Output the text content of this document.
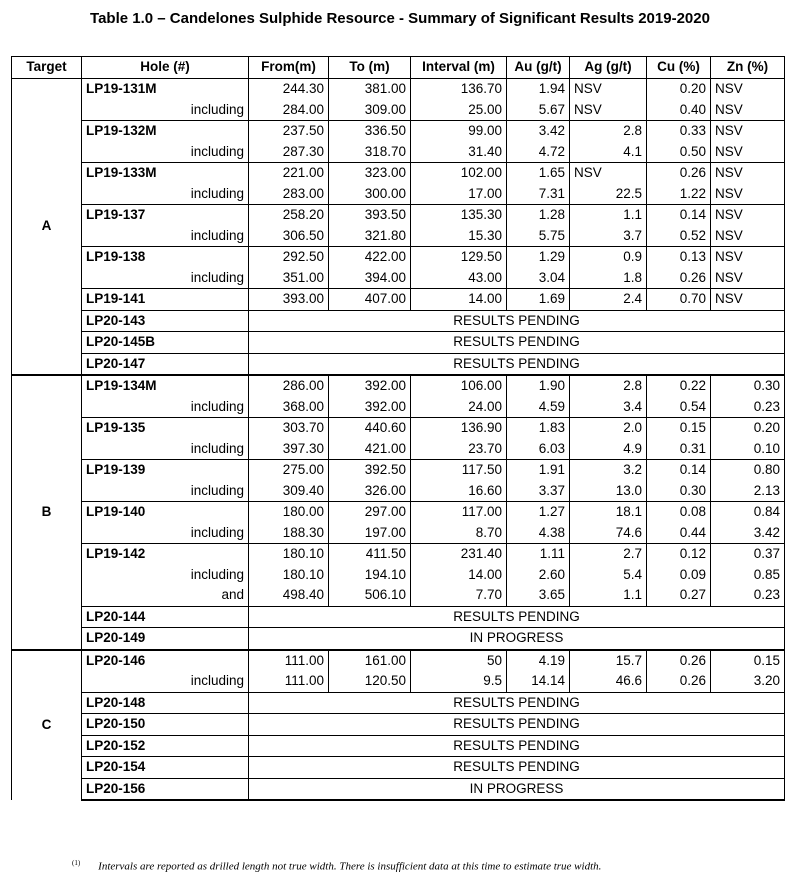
Table 1.0 – Candelones Sulphide Resource - Summary of Significant Results 2019-2020
Target	Hole (#)	From(m)	To (m)	Interval (m)	Au (g/t)	Ag (g/t)	Cu (%)	Zn (%)
A	LP19-131M	244.30	381.00	136.70	1.94	NSV	0.20	NSV
	including	284.00	309.00	25.00	5.67	NSV	0.40	NSV
	LP19-132M	237.50	336.50	99.00	3.42	2.8	0.33	NSV
	including	287.30	318.70	31.40	4.72	4.1	0.50	NSV
	LP19-133M	221.00	323.00	102.00	1.65	NSV	0.26	NSV
	including	283.00	300.00	17.00	7.31	22.5	1.22	NSV
	LP19-137	258.20	393.50	135.30	1.28	1.1	0.14	NSV
	including	306.50	321.80	15.30	5.75	3.7	0.52	NSV
	LP19-138	292.50	422.00	129.50	1.29	0.9	0.13	NSV
	including	351.00	394.00	43.00	3.04	1.8	0.26	NSV
	LP19-141	393.00	407.00	14.00	1.69	2.4	0.70	NSV
	LP20-143	RESULTS PENDING						
	LP20-145B	RESULTS PENDING						
	LP20-147	RESULTS PENDING						
B	LP19-134M	286.00	392.00	106.00	1.90	2.8	0.22	0.30
	including	368.00	392.00	24.00	4.59	3.4	0.54	0.23
	LP19-135	303.70	440.60	136.90	1.83	2.0	0.15	0.20
	including	397.30	421.00	23.70	6.03	4.9	0.31	0.10
	LP19-139	275.00	392.50	117.50	1.91	3.2	0.14	0.80
	including	309.40	326.00	16.60	3.37	13.0	0.30	2.13
	LP19-140	180.00	297.00	117.00	1.27	18.1	0.08	0.84
	including	188.30	197.00	8.70	4.38	74.6	0.44	3.42
	LP19-142	180.10	411.50	231.40	1.11	2.7	0.12	0.37
	including	180.10	194.10	14.00	2.60	5.4	0.09	0.85
	and	498.40	506.10	7.70	3.65	1.1	0.27	0.23
	LP20-144	RESULTS PENDING						
	LP20-149	IN PROGRESS						
C	LP20-146	111.00	161.00	50	4.19	15.7	0.26	0.15
	including	111.00	120.50	9.5	14.14	46.6	0.26	3.20
	LP20-148	RESULTS PENDING						
	LP20-150	RESULTS PENDING						
	LP20-152	RESULTS PENDING						
	LP20-154	RESULTS PENDING						
	LP20-156	IN PROGRESS						
$^{(1)}$ Intervals are reported as drilled length not true width. There is insufficient data at this time to estimate true width.
